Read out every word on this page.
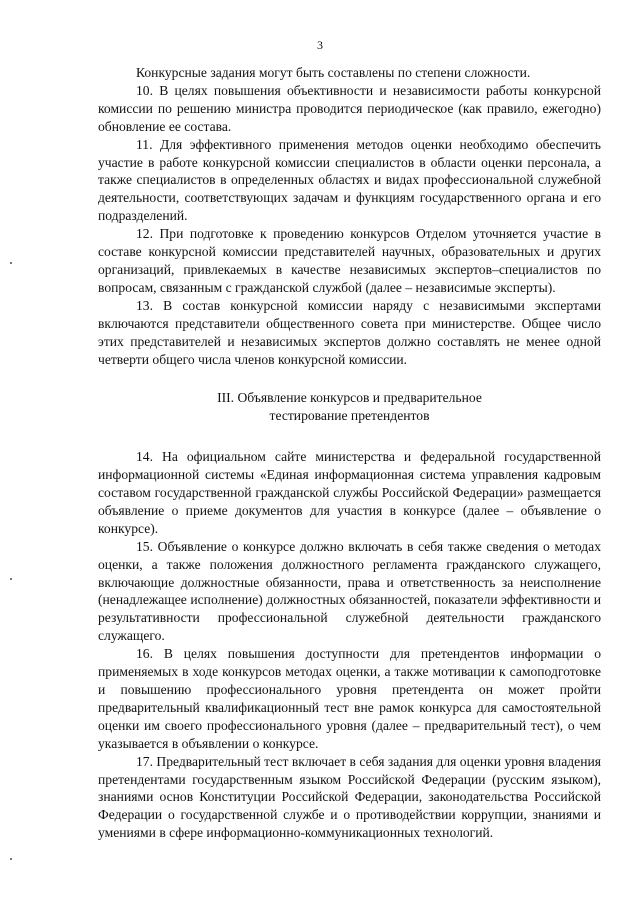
3

Конкурсные задания могут быть составлены по степени сложности.

10. В целях повышения объективности и независимости работы конкурсной комиссии по решению министра проводится периодическое (как правило, ежегодно) обновление ее состава.

11. Для эффективного применения методов оценки необходимо обеспечить участие в работе конкурсной комиссии специалистов в области оценки персонала, а также специалистов в определенных областях и видах профессиональной служебной деятельности, соответствующих задачам и функциям государственного органа и его подразделений.

12. При подготовке к проведению конкурсов Отделом уточняется участие в составе конкурсной комиссии представителей научных, образовательных и других организаций, привлекаемых в качестве независимых экспертов–специалистов по вопросам, связанным с гражданской службой (далее – независимые эксперты).

13. В состав конкурсной комиссии наряду с независимыми экспертами включаются представители общественного совета при министерстве. Общее число этих представителей и независимых экспертов должно составлять не менее одной четверти общего числа членов конкурсной комиссии.

III. Объявление конкурсов и предварительное
тестирование претендентов

14. На официальном сайте министерства и федеральной государственной информационной системы «Единая информационная система управления кадровым составом государственной гражданской службы Российской Федерации» размещается объявление о приеме документов для участия в конкурсе (далее – объявление о конкурсе).

15. Объявление о конкурсе должно включать в себя также сведения о методах оценки, а также положения должностного регламента гражданского служащего, включающие должностные обязанности, права и ответственность за неисполнение (ненадлежащее исполнение) должностных обязанностей, показатели эффективности и результативности профессиональной служебной деятельности гражданского служащего.

16. В целях повышения доступности для претендентов информации о применяемых в ходе конкурсов методах оценки, а также мотивации к самоподготовке и повышению профессионального уровня претендента он может пройти предварительный квалификационный тест вне рамок конкурса для самостоятельной оценки им своего профессионального уровня (далее – предварительный тест), о чем указывается в объявлении о конкурсе.

17. Предварительный тест включает в себя задания для оценки уровня владения претендентами государственным языком Российской Федерации (русским языком), знаниями основ Конституции Российской Федерации, законодательства Российской Федерации о государственной службе и о противодействии коррупции, знаниями и умениями в сфере информационно-коммуникационных технологий.
